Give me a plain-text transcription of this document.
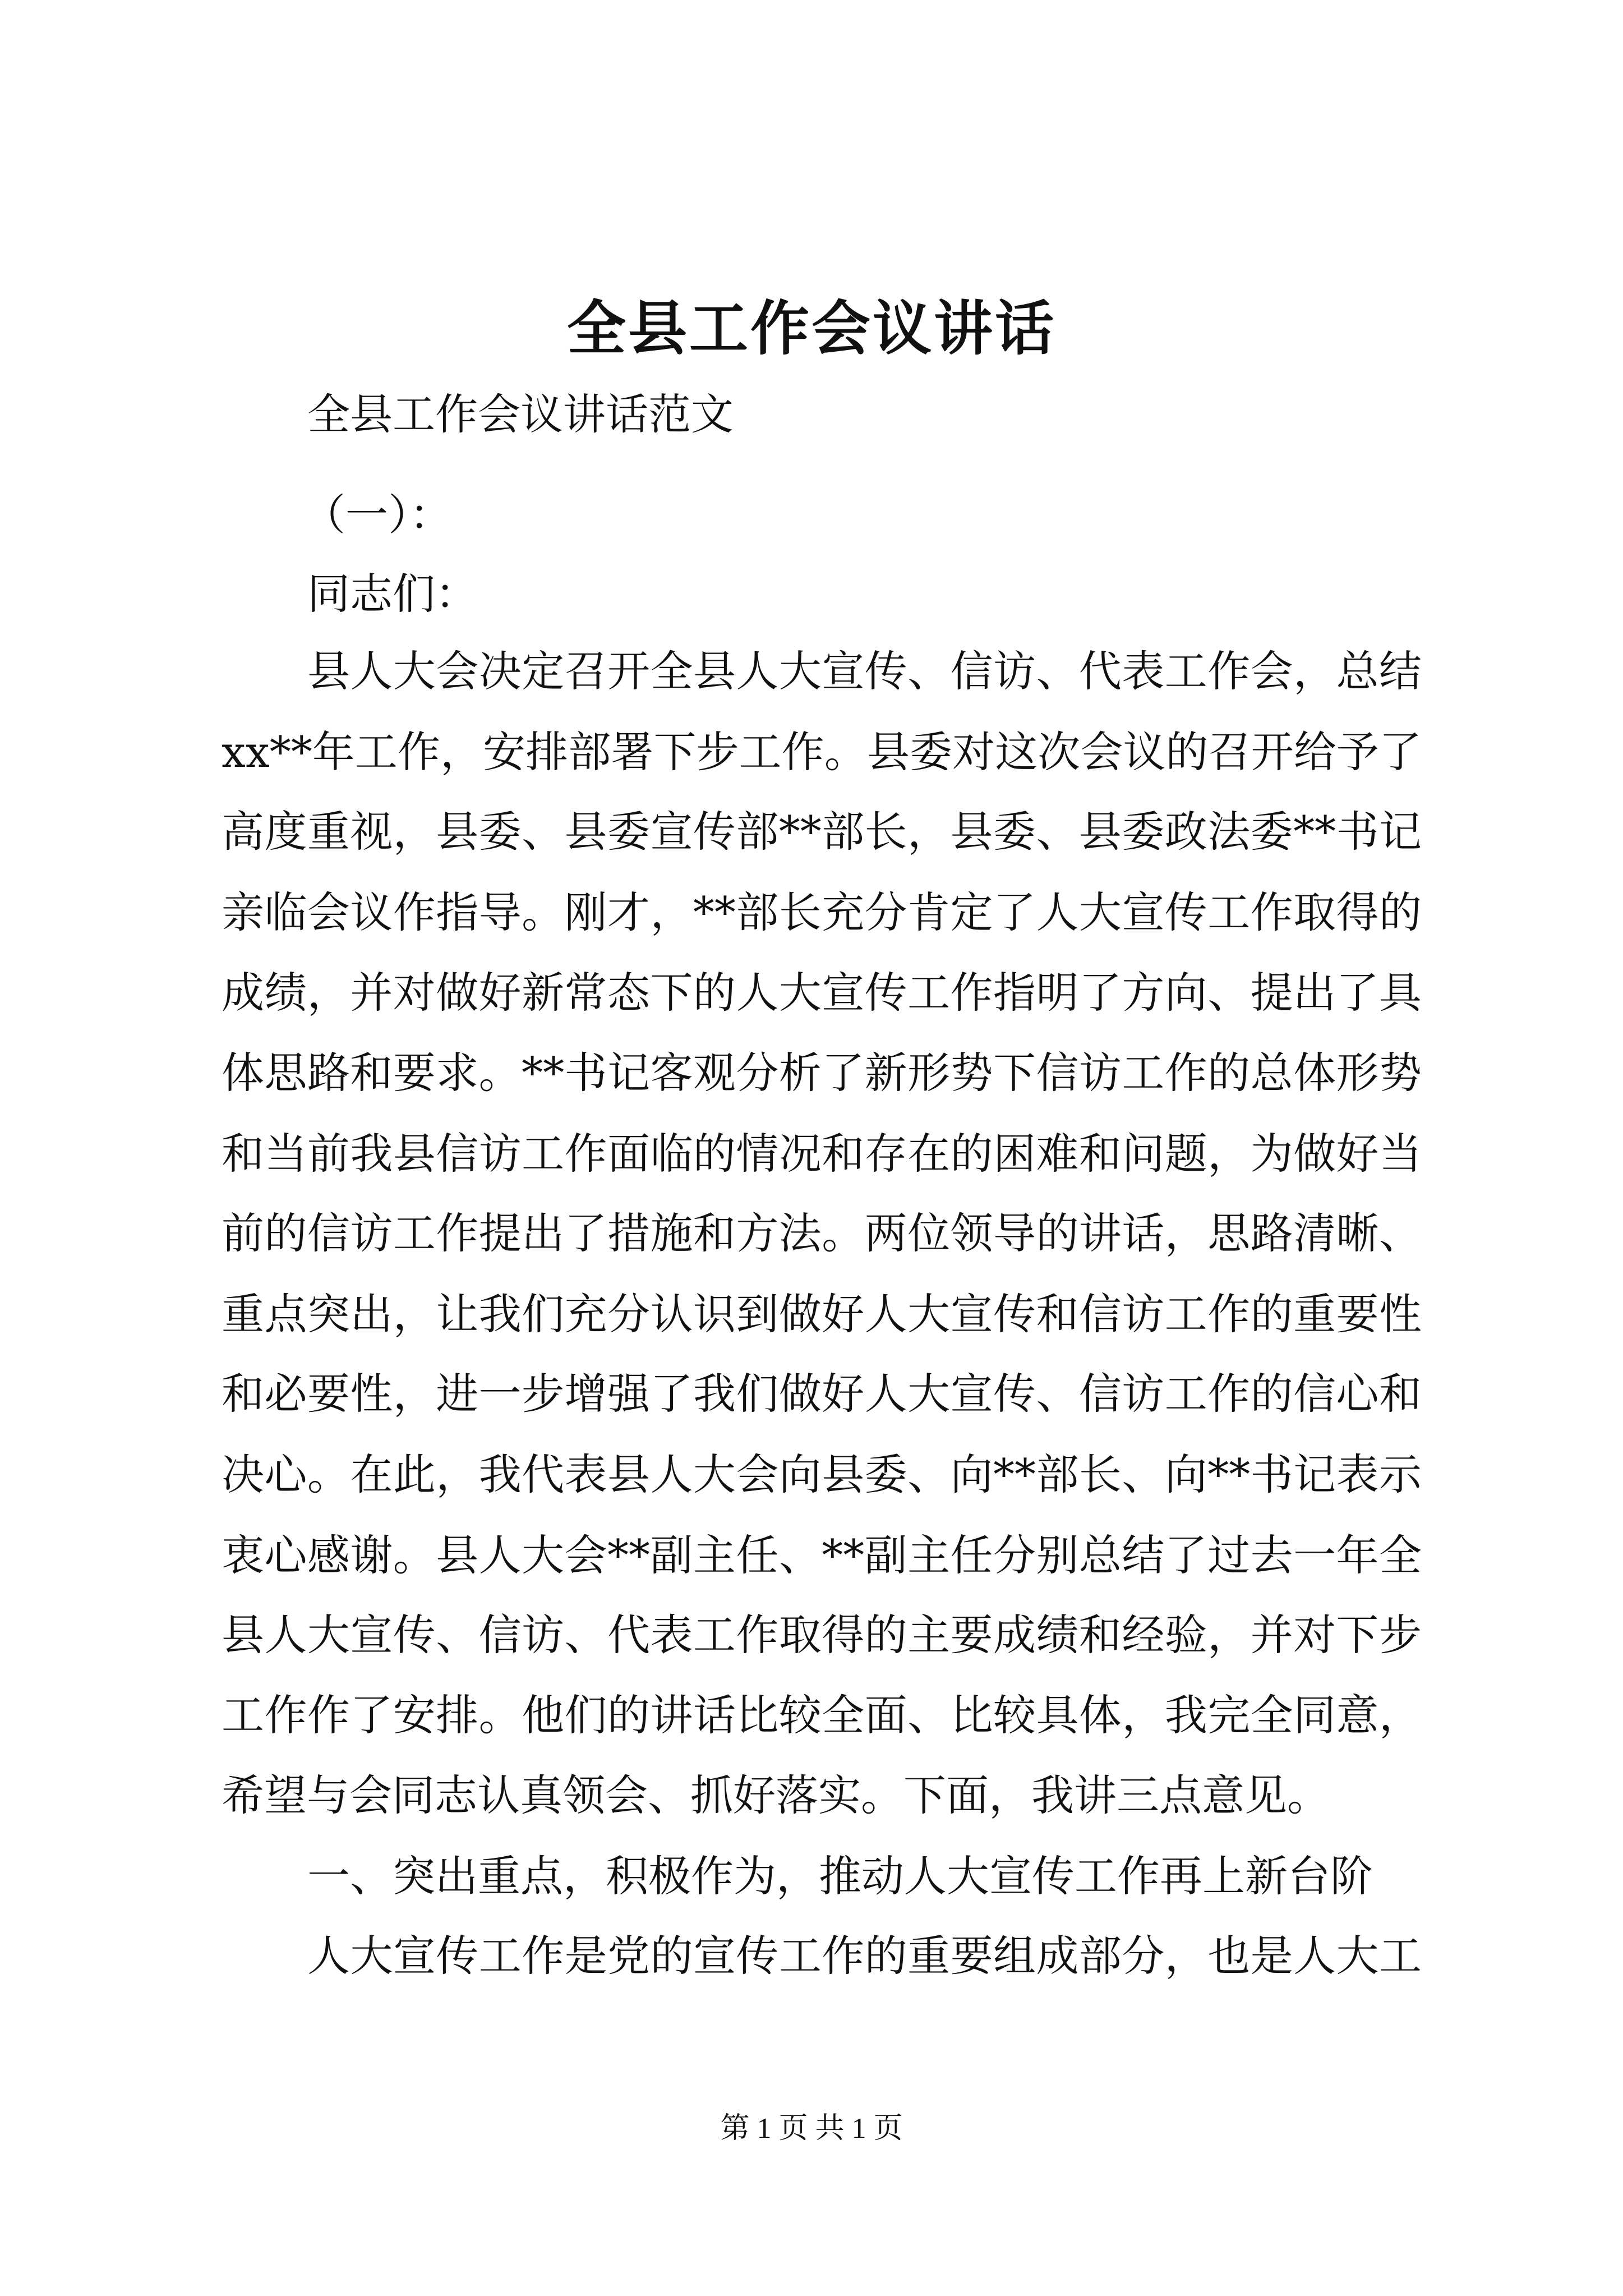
全县工作会议讲话
全县工作会议讲话范文
（一）：
同志们：
县人大会决定召开全县人大宣传、信访、代表工作会，总结
xx**年工作，安排部署下步工作。县委对这次会议的召开给予了
高度重视，县委、县委宣传部**部长，县委、县委政法委**书记
亲临会议作指导。刚才，**部长充分肯定了人大宣传工作取得的
成绩，并对做好新常态下的人大宣传工作指明了方向、提出了具
体思路和要求。**书记客观分析了新形势下信访工作的总体形势
和当前我县信访工作面临的情况和存在的困难和问题，为做好当
前的信访工作提出了措施和方法。两位领导的讲话，思路清晰、
重点突出，让我们充分认识到做好人大宣传和信访工作的重要性
和必要性，进一步增强了我们做好人大宣传、信访工作的信心和
决心。在此，我代表县人大会向县委、向**部长、向**书记表示
衷心感谢。县人大会**副主任、**副主任分别总结了过去一年全
县人大宣传、信访、代表工作取得的主要成绩和经验，并对下步
工作作了安排。他们的讲话比较全面、比较具体，我完全同意，
希望与会同志认真领会、抓好落实。下面，我讲三点意见。
一、突出重点，积极作为，推动人大宣传工作再上新台阶
人大宣传工作是党的宣传工作的重要组成部分，也是人大工
第 1 页 共 1 页
